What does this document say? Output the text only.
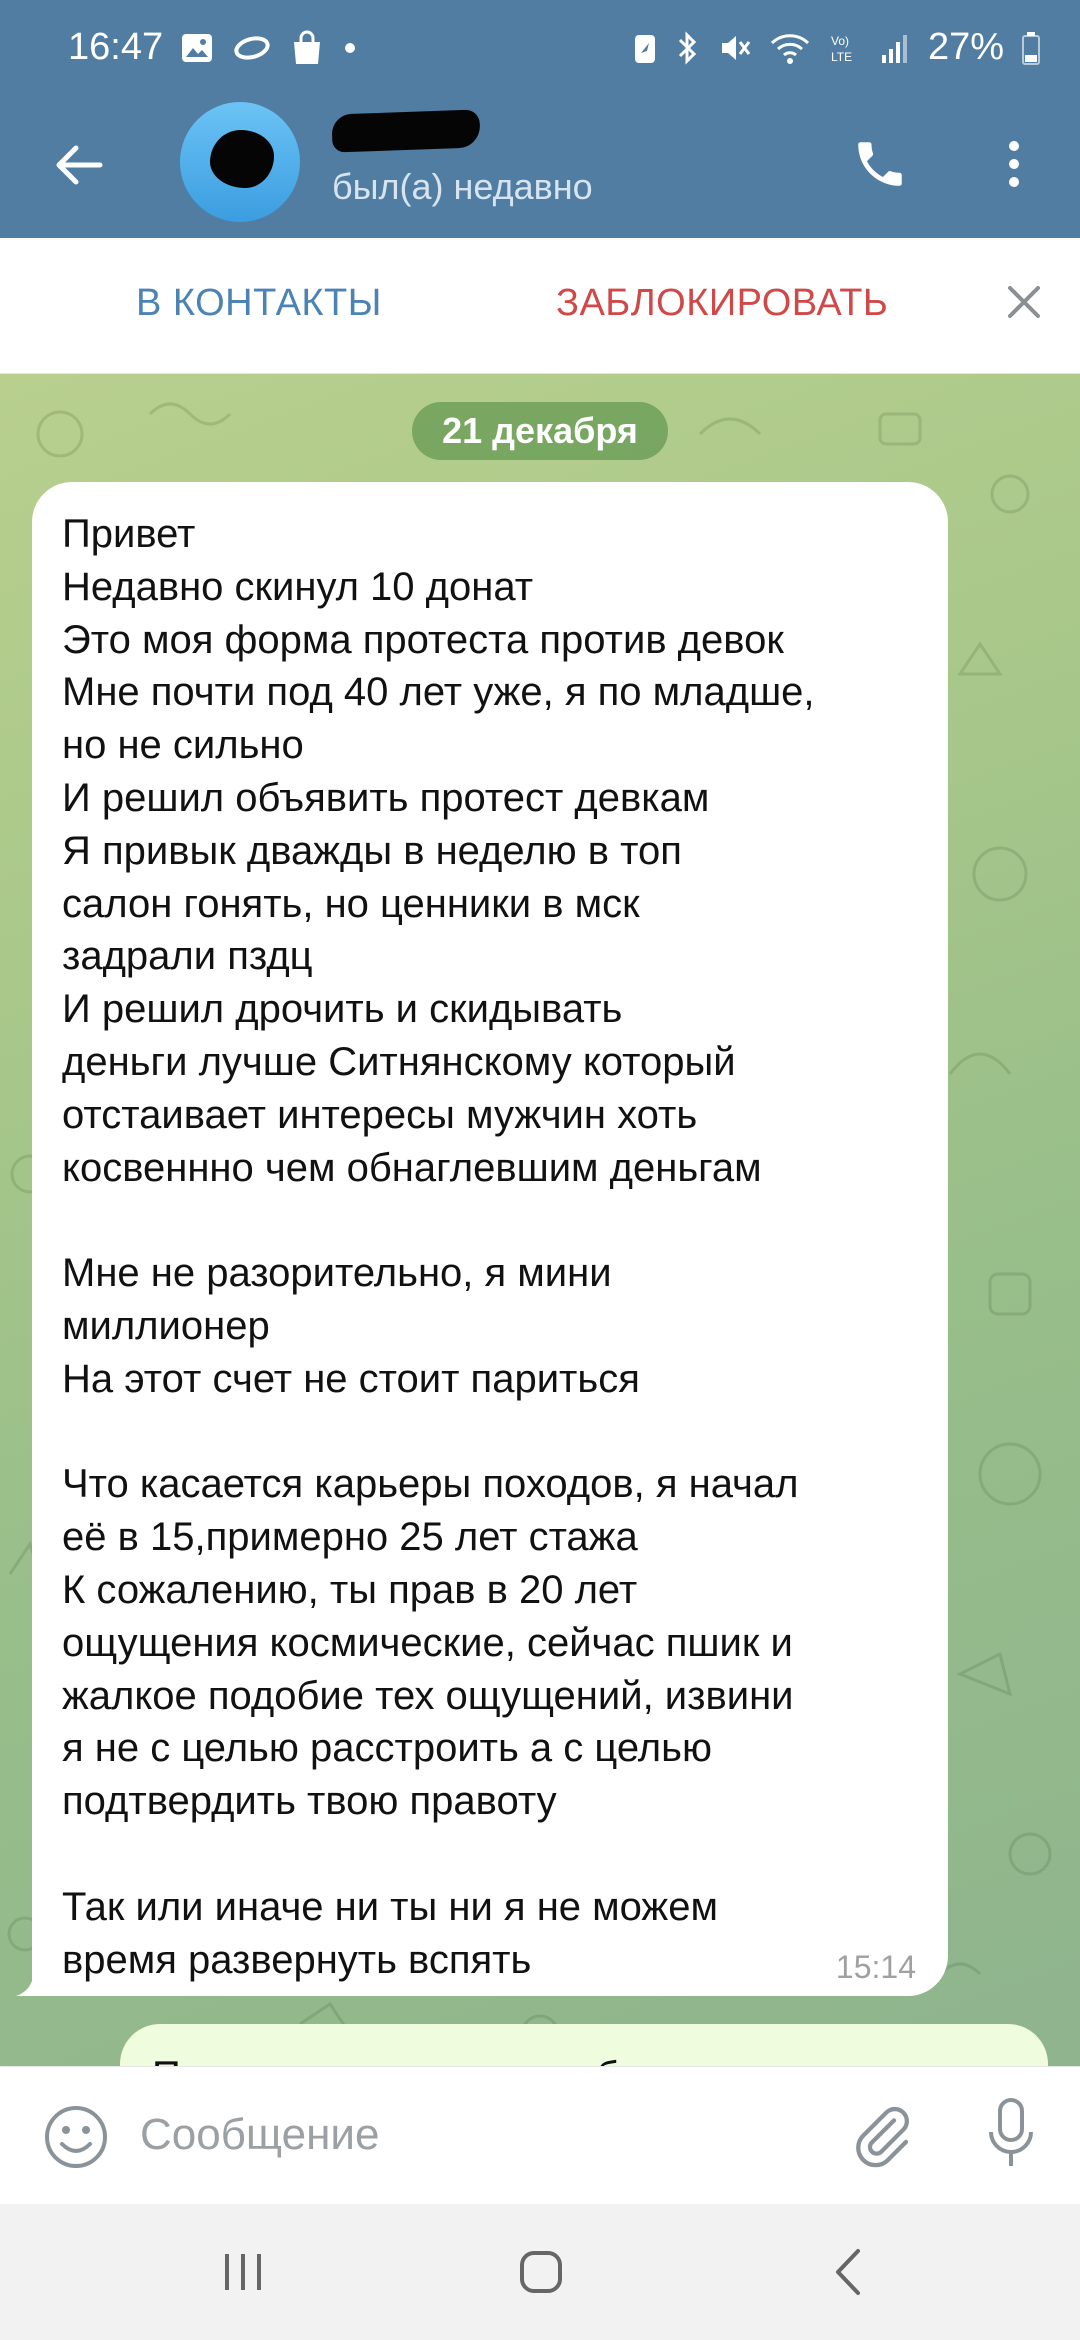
16:47	Vo)
LTE 27%
был(а) недавно
В КОНТАКТЫ	ЗАБЛОКИРОВАТЬ
21 декабря

Привет

Недавно скинул 10 донат

Это моя форма протеста против девок

Мне почти под 40 лет уже, я по младше,

но не сильно

И решил объявить протест девкам

Я привык дважды в неделю в топ

салон гонять, но ценники в мск

задрали пздц

И решил дрочить и скидывать

деньги лучше Ситнянскому который

отстаивает интересы мужчин хоть

косвеннно чем обнаглевшим деньгам

Мне не разорительно, я мини

миллионер

На этот счет не стоит париться

Что касается карьеры походов, я начал

её в 15,примерно 25 лет стажа

К сожалению, ты прав в 20 лет

ощущения космические, сейчас пшик и

жалкое подобие тех ощущений, извини

я не с целью расстроить а с целью

подтвердить твою правоту

Так или иначе ни ты ни я не можем

время развернуть вспять	15:14
Сообщение
